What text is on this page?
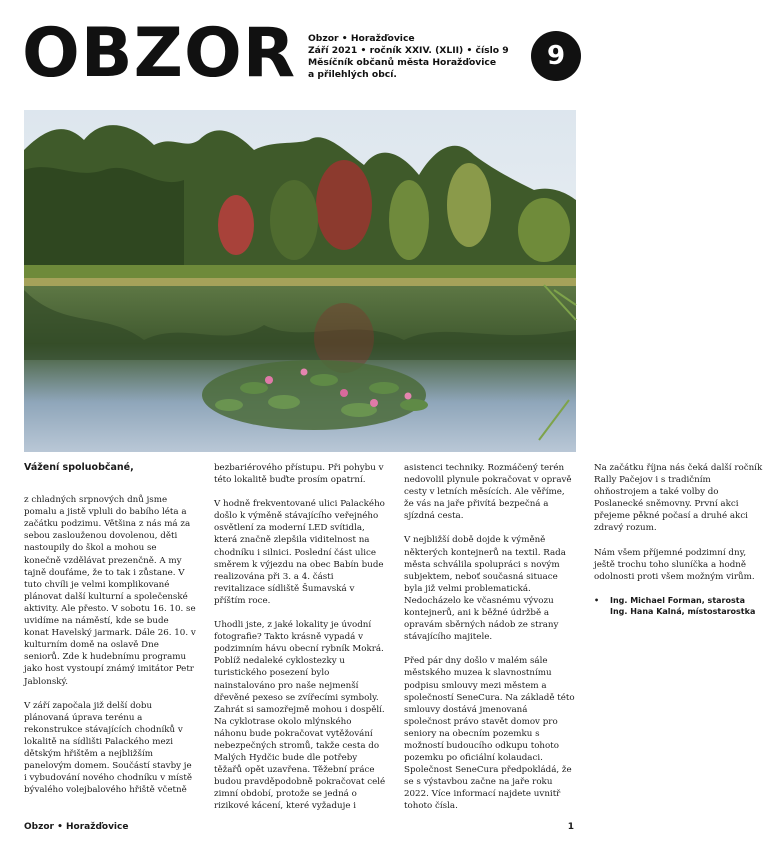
OBZOR Obzor • Horažďovice
Září 2021 • ročník XXIV. (XLII) • číslo 9
Měsíčník občanů města Horažďovice
a přilehlých obcí.
9

Vážení spoluobčané,

z chladných srpnových dnů jsme pomalu a jistě vpluli do babího léta a začátku podzimu. Většina z nás má za sebou zaslouženou dovolenou, děti nastoupily do škol a mohou se konečně vzdělávat prezenčně. A my tajně doufáme, že to tak i zůstane. V tuto chvíli je velmi komplikované plánovat další kulturní a společenské aktivity. Ale přesto. V sobotu 16. 10. se uvidíme na náměstí, kde se bude konat Havelský jarmark. Dále 26. 10. v kulturním domě na oslavě Dne seniorů. Zde k hudebnímu programu jako host vystoupí známý imitátor Petr Jablonský.

V září započala již delší dobu plánovaná úprava terénu a rekonstrukce stávajících chodníků v lokalitě na sídlišti Palackého mezi dětským hřištěm a nejbližším panelovým domem. Součástí stavby je i vybudování nového chodníku v místě bývalého volejbalového hřiště včetně bezbariérového přístupu. Při pohybu v této lokalitě buďte prosím opatrní.

V hodně frekventované ulici Palackého došlo k výměně stávajícího veřejného osvětlení za moderní LED svítidla, která značně zlepšila viditelnost na chodníku i silnici. Poslední část ulice směrem k výjezdu na obec Babín bude realizována při 3. a 4. části revitalizace sídliště Šumavská v příštím roce.

Uhodli jste, z jaké lokality je úvodní fotografie? Takto krásně vypadá v podzimním hávu obecní rybník Mokrá. Poblíž nedaleké cyklostezky u turistického posezení bylo nainstalováno pro naše nejmenší dřevěné pexeso se zvířecími symboly. Zahrát si samozřejmě mohou i dospělí. Na cyklotrase okolo mlýnského náhonu bude pokračovat vytěžování nebezpečných stromů, takže cesta do Malých Hydčic bude dle potřeby těžařů opět uzavřena. Těžební práce budou pravděpodobně pokračovat celé zimní období, protože se jedná o rizikové kácení, které vyžaduje i asistenci techniky. Rozmáčený terén nedovolil plynule pokračovat v opravě cesty v letních měsících. Ale věříme, že vás na jaře přivítá bezpečná a sjízdná cesta.

V nejbližší době dojde k výměně některých kontejnerů na textil. Rada města schválila spolupráci s novým subjektem, neboť současná situace byla již velmi problematická. Nedocházelo ke včasnému vývozu kontejnerů, ani k běžné údržbě a opravám sběrných nádob ze strany stávajícího majitele.

Před pár dny došlo v malém sále městského muzea k slavnostnímu podpisu smlouvy mezi městem a společností SeneCura. Na základě této smlouvy dostává jmenovaná společnost právo stavět domov pro seniory na obecním pozemku s možností budoucího odkupu tohoto pozemku po oficiální kolaudaci. Společnost SeneCura předpokládá, že se s výstavbou začne na jaře roku 2022. Více informací najdete uvnitř tohoto čísla.

Na začátku října nás čeká další ročník Rally Pačejov i s tradičním ohňostrojem a také volby do Poslanecké sněmovny. První akci přejeme pěkné počasí a druhé akci zdravý rozum.

Nám všem příjemné podzimní dny, ještě trochu toho sluníčka a hodně odolnosti proti všem možným virům.

•	Ing. Michael Forman, starosta
Ing. Hana Kalná, místostarostka
Obzor • Horažďovice	1
